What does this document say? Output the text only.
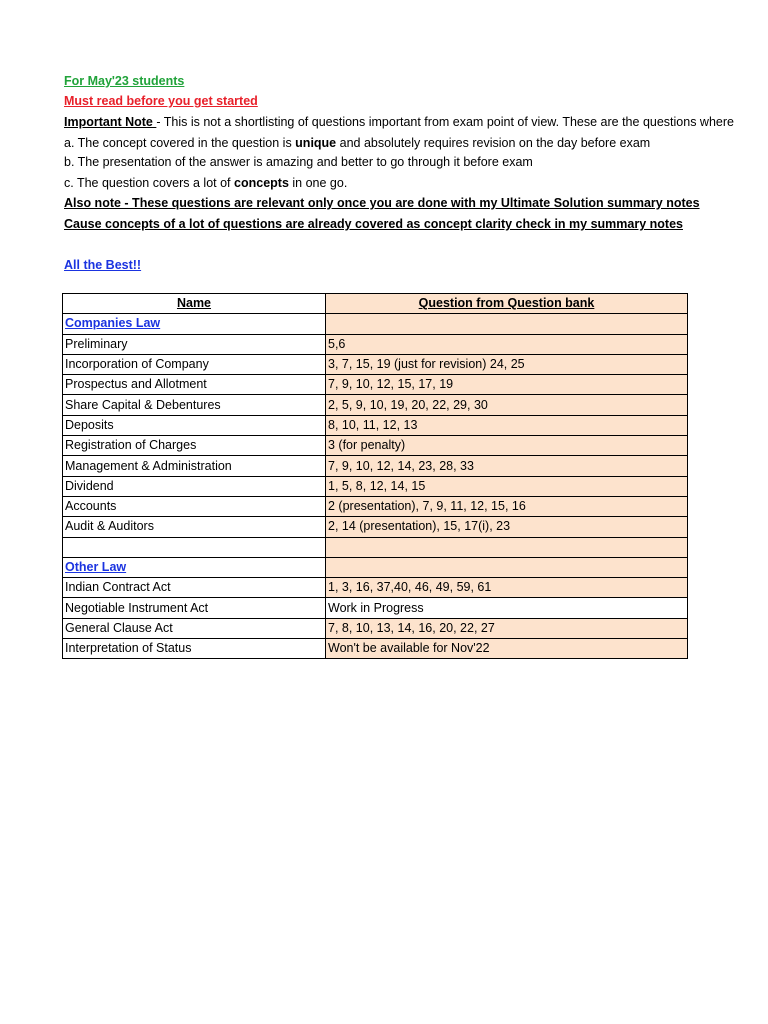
For May'23 students
Must read before you get started
Important Note - This is not a shortlisting of questions important from exam point of view. These are the questions where
a. The concept covered in the question is unique and absolutely requires revision on the day before exam
b. The presentation of the answer is amazing and better to go through it before exam
c. The question covers a lot of concepts in one go.
Also note - These questions are relevant only once you are done with my Ultimate Solution summary notes
Cause concepts of a lot of questions are already covered as concept clarity check in my summary notes
All the Best!!
Name	Question from Question bank
Companies Law	
Preliminary	5,6
Incorporation of Company	3, 7, 15, 19 (just for revision) 24, 25
Prospectus and Allotment	7, 9, 10, 12, 15, 17, 19
Share Capital & Debentures	2, 5, 9, 10, 19, 20, 22, 29, 30
Deposits	8, 10, 11, 12, 13
Registration of Charges	3 (for penalty)
Management & Administration	7, 9, 10, 12, 14, 23, 28, 33
Dividend	1, 5, 8, 12, 14, 15
Accounts	2 (presentation), 7, 9, 11, 12, 15, 16
Audit & Auditors	2, 14 (presentation), 15, 17(i), 23

Other Law	
Indian Contract Act	1, 3, 16, 37,40, 46, 49, 59, 61
Negotiable Instrument Act	Work in Progress
General Clause Act	7, 8, 10, 13, 14, 16, 20, 22, 27
Interpretation of Status	Won't be available for Nov'22
